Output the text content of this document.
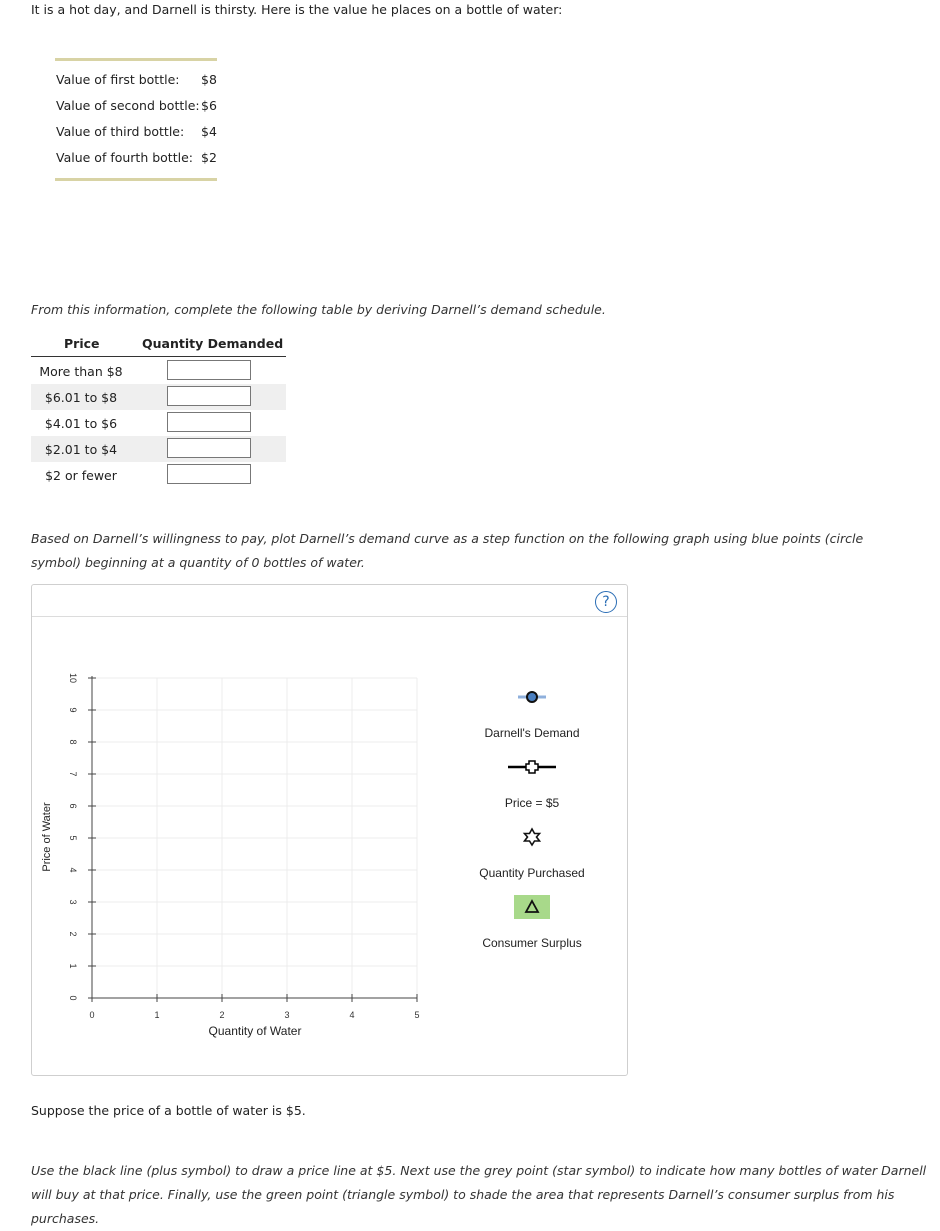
It is a hot day, and Darnell is thirsty. Here is the value he places on a bottle of water:
Value of first bottle: $8
Value of second bottle: $6
Value of third bottle: $4
Value of fourth bottle: $2
From this information, complete the following table by deriving Darnell’s demand schedule.
Price	Quantity Demanded
More than $8
$6.01 to $8
$4.01 to $6
$2.01 to $4
$2 or fewer
Based on Darnell’s willingness to pay, plot Darnell’s demand curve as a step function on the following graph using blue points (circle symbol) beginning at a quantity of 0 bottles of water.
?
0	1	2	3	4	5
0
1
2
3
4
5
6
7
8
9
10
Quantity of Water
Price of Water
Darnell's Demand
Price = $5
Quantity Purchased
Consumer Surplus
Suppose the price of a bottle of water is $5.
Use the black line (plus symbol) to draw a price line at $5. Next use the grey point (star symbol) to indicate how many bottles of water Darnell will buy at that price. Finally, use the green point (triangle symbol) to shade the area that represents Darnell’s consumer surplus from his purchases.
